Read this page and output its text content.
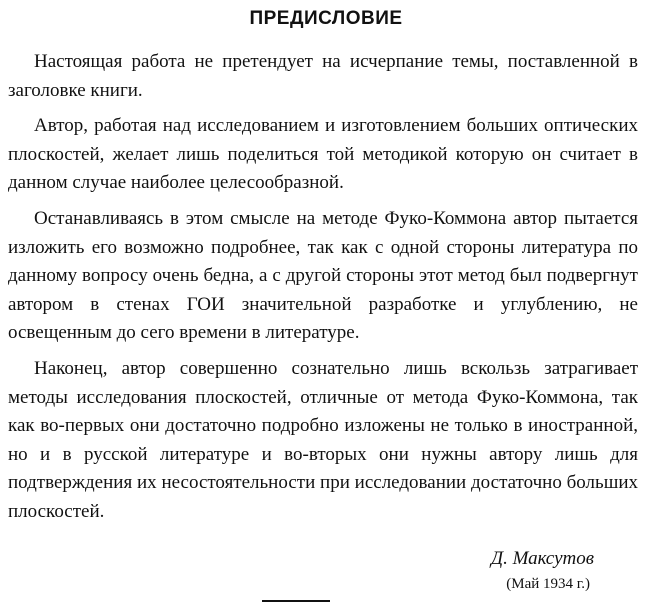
ПРЕДИСЛОВИЕ

Настоящая работа не претендует на исчерпание темы, поставленной в заголовке книги.

Автор, работая над исследованием и изготовлением больших оптических плоскостей, желает лишь поделиться той методикой которую он считает в данном случае наиболее целесообразной.

Останавливаясь в этом смысле на методе Фуко-Коммона автор пытается изложить его возможно подробнее, так как с одной стороны литература по данному вопросу очень бедна, а с другой стороны этот метод был подвергнут автором в стенах ГОИ значительной разработке и углублению, не освещенным до сего времени в литературе.

Наконец, автор совершенно сознательно лишь вскользь затрагивает методы исследования плоскостей, отличные от метода Фуко-Коммона, так как во-первых они достаточно подробно изложены не только в иностранной, но и в русской литературе и во-вторых они нужны автору лишь для подтверждения их несостоятельности при исследовании достаточно больших плоскостей.

Д. Максутов
(Май 1934 г.)
